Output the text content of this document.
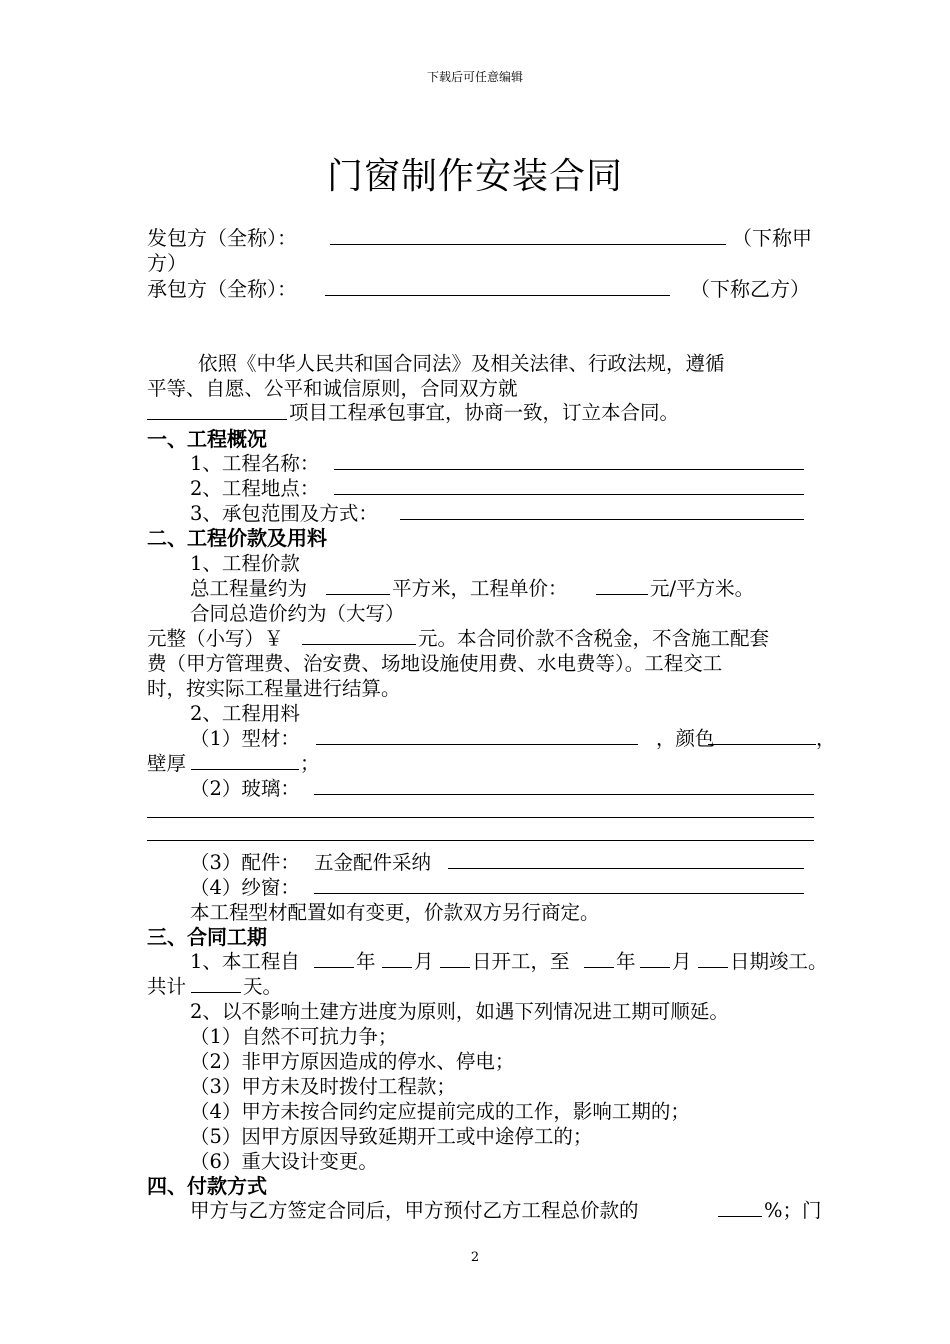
下载后可任意编辑
门窗制作安装合同
发包方（全称）：	（下称甲
方）
承包方（全称）：	（下称乙方）
依照《中华人民共和国合同法》及相关法律、行政法规，遵循
平等、自愿、公平和诚信原则，合同双方就
项目工程承包事宜，协商一致，订立本合同。
一、工程概况
1、工程名称：
2、工程地点：
3、承包范围及方式：
二、工程价款及用料
1、工程价款
总工程量约为	平方米，工程单价：	元/平方米。
合同总造价约为（大写）
元整（小写）￥	元。本合同价款不含税金，不含施工配套
费（甲方管理费、治安费、场地设施使用费、水电费等）。工程交工
时，按实际工程量进行结算。
2、工程用料
（1）型材：	，颜色	，
壁厚	；
（2）玻璃：
（3）配件： 五金配件采纳
（4）纱窗：
本工程型材配置如有变更，价款双方另行商定。
三、合同工期
1、本工程自	年 月 日开工，至 年 月 日期竣工。
共计	天。
2、以不影响土建方进度为原则，如遇下列情况进工期可顺延。
（1）自然不可抗力争；
（2）非甲方原因造成的停水、停电；
（3）甲方未及时拨付工程款；
（4）甲方未按合同约定应提前完成的工作，影响工期的；
（5）因甲方原因导致延期开工或中途停工的；
（6）重大设计变更。
四、付款方式
甲方与乙方签定合同后，甲方预付乙方工程总价款的	%；门
2
